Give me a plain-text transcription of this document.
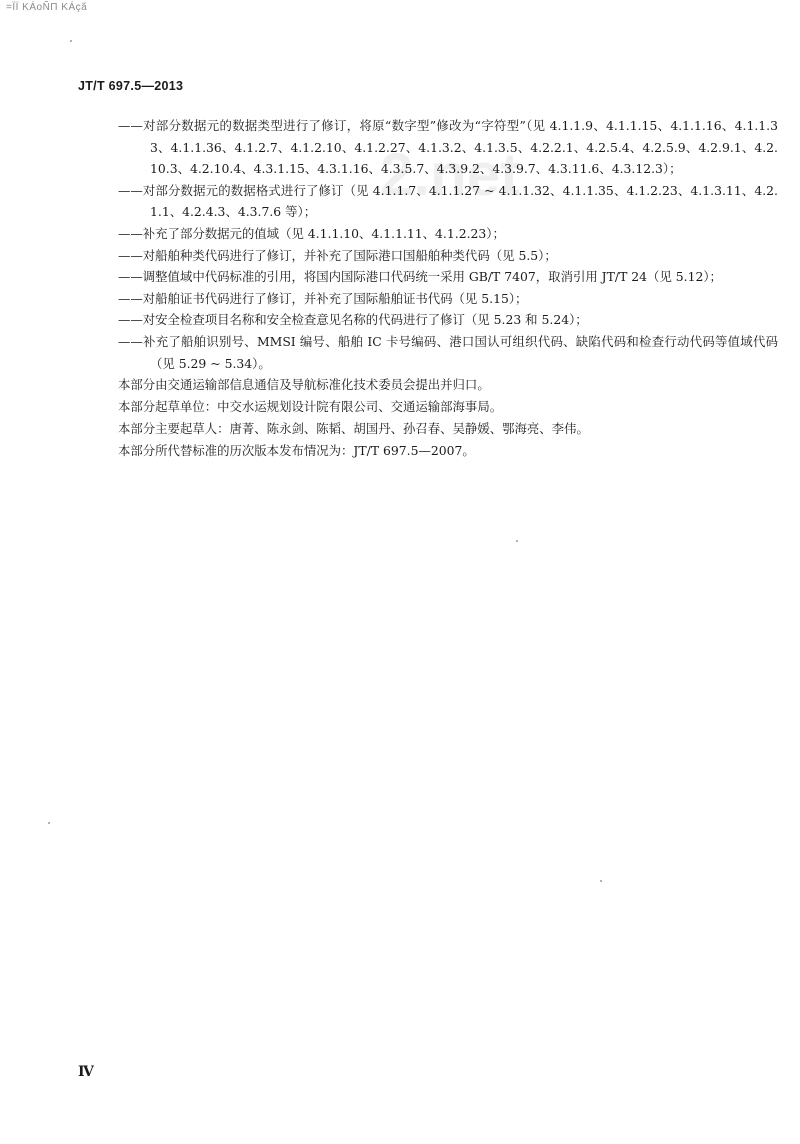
=ΪΪ KÁoÑΠ KÁçã
2.net
JT/T 697.5—2013

——对部分数据元的数据类型进行了修订，将原“数字型”修改为“字符型”（见 4.1.1.9、4.1.1.15、4.1.1.16、4.1.1.33、4.1.1.36、4.1.2.7、4.1.2.10、4.1.2.27、4.1.3.2、4.1.3.5、4.2.2.1、4.2.5.4、4.2.5.9、4.2.9.1、4.2.10.3、4.2.10.4、4.3.1.15、4.3.1.16、4.3.5.7、4.3.9.2、4.3.9.7、4.3.11.6、4.3.12.3）；

——对部分数据元的数据格式进行了修订（见 4.1.1.7、4.1.1.27 ~ 4.1.1.32、4.1.1.35、4.1.2.23、4.1.3.11、4.2.1.1、4.2.4.3、4.3.7.6 等）；

——补充了部分数据元的值域（见 4.1.1.10、4.1.1.11、4.1.2.23）；

——对船舶种类代码进行了修订，并补充了国际港口国船舶种类代码（见 5.5）；

——调整值域中代码标准的引用，将国内国际港口代码统一采用 GB/T 7407，取消引用 JT/T 24（见 5.12）；

——对船舶证书代码进行了修订，并补充了国际船舶证书代码（见 5.15）；

——对安全检查项目名称和安全检查意见名称的代码进行了修订（见 5.23 和 5.24）；

——补充了船舶识别号、MMSI 编号、船舶 IC 卡号编码、港口国认可组织代码、缺陷代码和检查行动代码等值域代码（见 5.29 ~ 5.34）。

本部分由交通运输部信息通信及导航标准化技术委员会提出并归口。

本部分起草单位：中交水运规划设计院有限公司、交通运输部海事局。

本部分主要起草人：唐菁、陈永剑、陈韬、胡国丹、孙召春、吴静媛、鄂海亮、李伟。

本部分所代替标准的历次版本发布情况为：JT/T 697.5—2007。

Ⅳ
